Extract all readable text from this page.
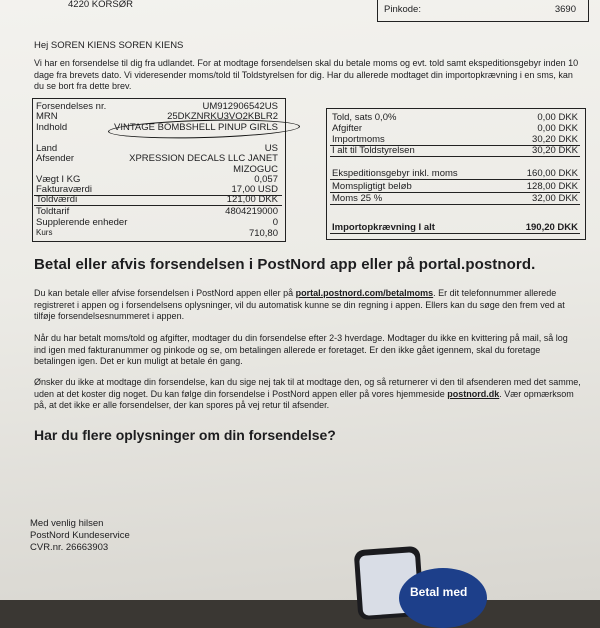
4220 KORSØR	Pinkode:	3690
Hej SOREN KIENS SOREN KIENS
Vi har en forsendelse til dig fra udlandet. For at modtage forsendelsen skal du betale moms og evt. told samt ekspeditionsgebyr inden 10 dage fra brevets dato. Vi videresender moms/told til Toldstyrelsen for dig. Har du allerede modtaget din importopkrævning i en sms, kan du se bort fra dette brev.
Forsendelses nr.	UM912906542US
MRN	25DKZNRKU3VO2KBLR2
Indhold	VINTAGE BOMBSHELL PINUP GIRLS
Land	US
Afsender	XPRESSION DECALS LLC JANET
MIZOGUC
Vægt I KG	0,057
Fakturaværdi	17,00 USD
Toldværdi	121,00 DKK
Toldtarif	4804219000
Supplerende enheder	0
Kurs	710,80
Told, sats 0,0%	0,00 DKK
Afgifter	0,00 DKK
Importmoms	30,20 DKK
I alt til Toldstyrelsen	30,20 DKK
Ekspeditionsgebyr inkl. moms	160,00 DKK
Momspligtigt beløb	128,00 DKK
Moms 25 %	32,00 DKK
Importopkrævning I alt	190,20 DKK
Betal eller afvis forsendelsen i PostNord app eller på portal.postnord.
Du kan betale eller afvise forsendelsen i PostNord appen eller på portal.postnord.com/betalmoms. Er dit telefonnummer allerede registreret i appen og i forsendelsens oplysninger, vil du automatisk kunne se din regning i appen. Ellers kan du søge den frem ved at tilføje forsendelsesnummeret i appen.
Når du har betalt moms/told og afgifter, modtager du din forsendelse efter 2-3 hverdage. Modtager du ikke en kvittering på mail, så log ind igen med fakturanummer og pinkode og se, om betalingen allerede er foretaget. Er den ikke gået igennem, skal du foretage betalingen igen. Det er kun muligt at betale én gang.
Ønsker du ikke at modtage din forsendelse, kan du sige nej tak til at modtage den, og så returnerer vi den til afsenderen med det samme, uden at det koster dig noget. Du kan følge din forsendelse i PostNord appen eller på vores hjemmeside postnord.dk. Vær opmærksom på, at det ikke er alle forsendelser, der kan spores på vej retur til afsender.
Har du flere oplysninger om din forsendelse?
Med venlig hilsen
PostNord Kundeservice
CVR.nr. 26663903
Betal med
